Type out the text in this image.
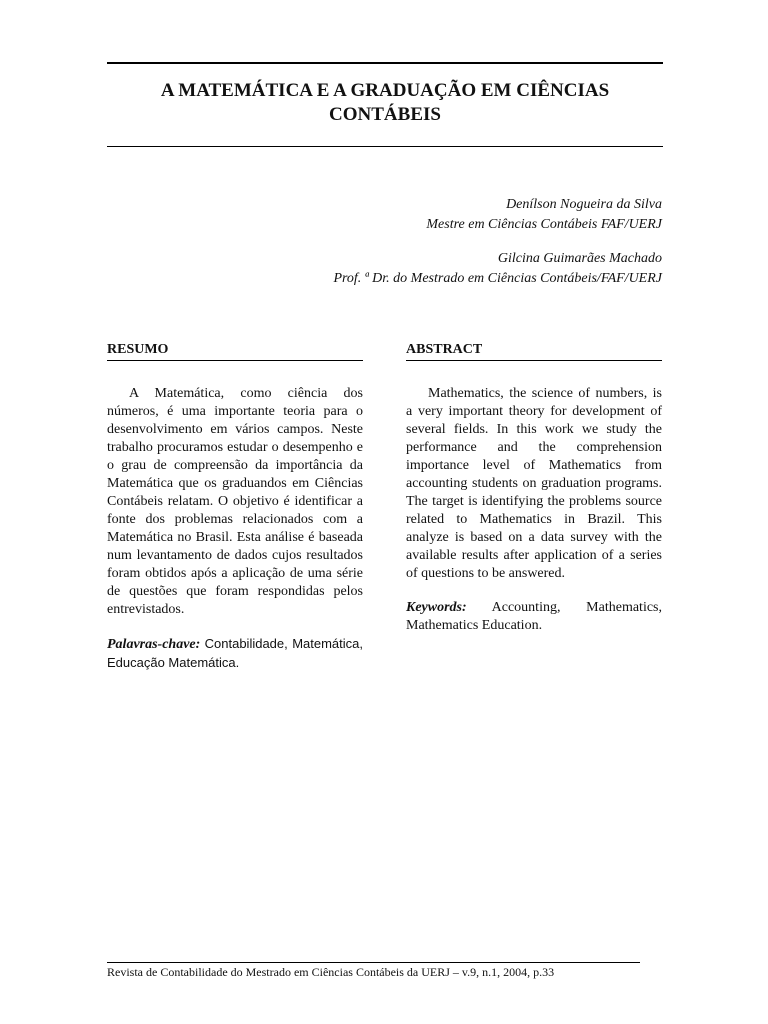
A MATEMÁTICA E A GRADUAÇÃO EM CIÊNCIAS
CONTÁBEIS
Denílson Nogueira da Silva
Mestre em Ciências Contábeis FAF/UERJ
Gilcina Guimarães Machado
Prof. ª Dr. do Mestrado em Ciências Contábeis/FAF/UERJ
RESUMO

A Matemática, como ciência dos números, é uma importante teoria para o desenvolvimento em vários campos. Neste trabalho procuramos estudar o desempenho e o grau de compreensão da importância da Matemática que os graduandos em Ciências Contábeis relatam. O objetivo é identificar a fonte dos problemas relacionados com a Matemática no Brasil. Esta análise é baseada num levantamento de dados cujos resultados foram obtidos após a aplicação de uma série de questões que foram respondidas pelos entrevistados.

Palavras-chave: Contabilidade, Matemática, Educação Matemática.

ABSTRACT

Mathematics, the science of numbers, is a very important theory for development of several fields. In this work we study the performance and the comprehension importance level of Mathematics from accounting students on graduation programs. The target is identifying the problems source related to Mathematics in Brazil. This analyze is based on a data survey with the available results after application of a series of questions to be answered.

Keywords: Accounting, Mathematics, Mathematics Education.

Revista de Contabilidade do Mestrado em Ciências Contábeis da UERJ – v.9, n.1, 2004, p.33
